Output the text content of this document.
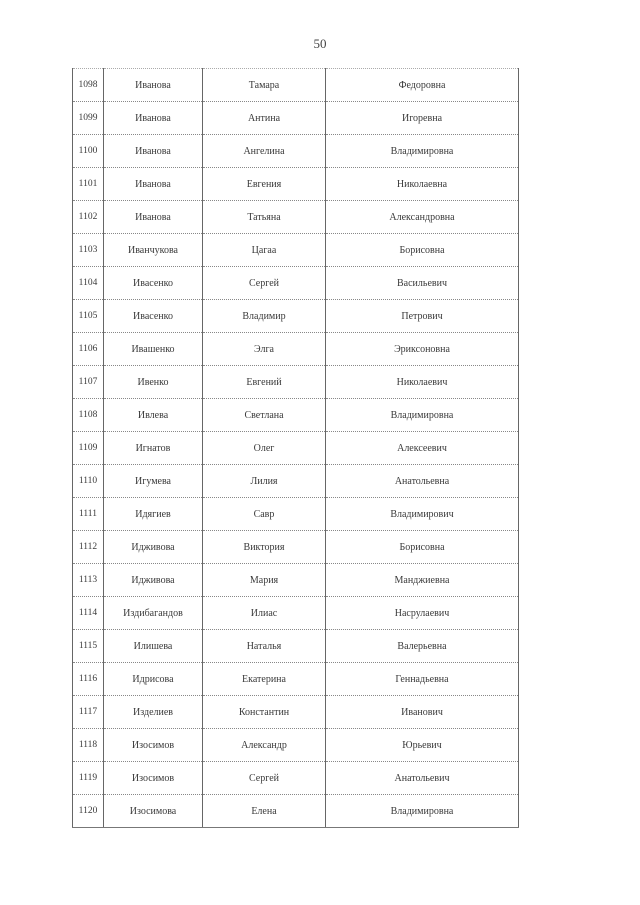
50
1098	Иванова	Тамара	Федоровна
1099	Иванова	Антина	Игоревна
1100	Иванова	Ангелина	Владимировна
1101	Иванова	Евгения	Николаевна
1102	Иванова	Татьяна	Александровна
1103	Иванчукова	Цагаа	Борисовна
1104	Ивасенко	Сергей	Васильевич
1105	Ивасенко	Владимир	Петрович
1106	Ивашенко	Элга	Эриксоновна
1107	Ивенко	Евгений	Николаевич
1108	Ивлева	Светлана	Владимировна
1109	Игнатов	Олег	Алексеевич
1110	Игумева	Лилия	Анатольевна
1111	Идягиев	Савр	Владимирович
1112	Идживова	Виктория	Борисовна
1113	Идживова	Мария	Манджиевна
1114	Издибагандов	Илиас	Насрулаевич
1115	Илишева	Наталья	Валерьевна
1116	Идрисова	Екатерина	Геннадьевна
1117	Изделиев	Константин	Иванович
1118	Изосимов	Александр	Юрьевич
1119	Изосимов	Сергей	Анатольевич
1120	Изосимова	Елена	Владимировна
